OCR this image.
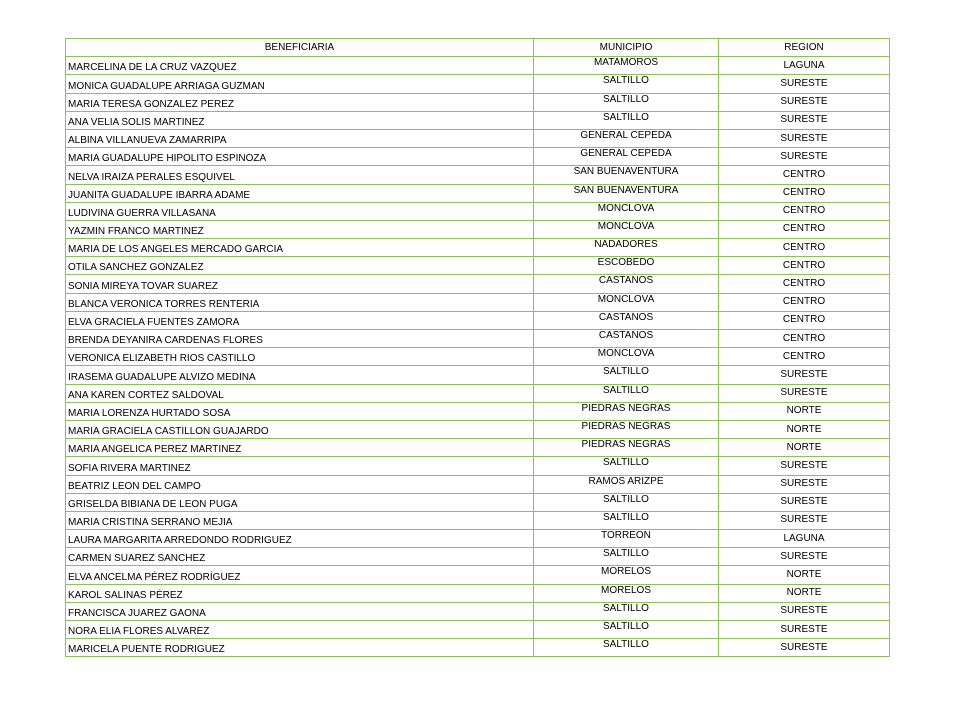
BENEFICIARIA	MUNICIPIO	REGION
MARCELINA DE LA CRUZ VAZQUEZ	MATAMOROS	LAGUNA
MONICA GUADALUPE ARRIAGA GUZMAN	SALTILLO	SURESTE
MARIA TERESA GONZALEZ PEREZ	SALTILLO	SURESTE
ANA VELIA SOLIS MARTINEZ	SALTILLO	SURESTE
ALBINA VILLANUEVA ZAMARRIPA	GENERAL CEPEDA	SURESTE
MARIA GUADALUPE HIPOLITO ESPINOZA	GENERAL CEPEDA	SURESTE
NELVA IRAIZA PERALES ESQUIVEL	SAN BUENAVENTURA	CENTRO
JUANITA GUADALUPE IBARRA ADAME	SAN BUENAVENTURA	CENTRO
LUDIVINA GUERRA VILLASANA	MONCLOVA	CENTRO
YAZMIN FRANCO MARTINEZ	MONCLOVA	CENTRO
MARIA DE LOS ANGELES MERCADO GARCIA	NADADORES	CENTRO
OTILA SANCHEZ GONZALEZ	ESCOBEDO	CENTRO
SONIA MIREYA TOVAR SUAREZ	CASTAÑOS	CENTRO
BLANCA VERONICA TORRES RENTERIA	MONCLOVA	CENTRO
ELVA GRACIELA FUENTES ZAMORA	CASTAÑOS	CENTRO
BRENDA DEYANIRA CARDENAS FLORES	CASTAÑOS	CENTRO
VERONICA ELIZABETH RIOS CASTILLO	MONCLOVA	CENTRO
IRASEMA GUADALUPE ALVIZO MEDINA	SALTILLO	SURESTE
ANA KAREN CORTEZ SALDOVAL	SALTILLO	SURESTE
MARIA LORENZA HURTADO SOSA	PIEDRAS NEGRAS	NORTE
MARIA GRACIELA CASTILLON GUAJARDO	PIEDRAS NEGRAS	NORTE
MARIA ANGELICA PEREZ MARTINEZ	PIEDRAS NEGRAS	NORTE
SOFIA RIVERA MARTINEZ	SALTILLO	SURESTE
BEATRIZ LEON DEL CAMPO	RAMOS ARIZPE	SURESTE
GRISELDA BIBIANA DE LEON PUGA	SALTILLO	SURESTE
MARIA CRISTINA SERRANO MEJIA	SALTILLO	SURESTE
LAURA MARGARITA ARREDONDO RODRIGUEZ	TORREON	LAGUNA
CARMEN SUAREZ SANCHEZ	SALTILLO	SURESTE
ELVA ANCELMA PÉREZ RODRÍGUEZ	MORELOS	NORTE
KAROL SALINAS PÉREZ	MORELOS	NORTE
FRANCISCA JUAREZ GAONA	SALTILLO	SURESTE
NORA ELIA FLORES ALVAREZ	SALTILLO	SURESTE
MARICELA PUENTE RODRIGUEZ	SALTILLO	SURESTE
